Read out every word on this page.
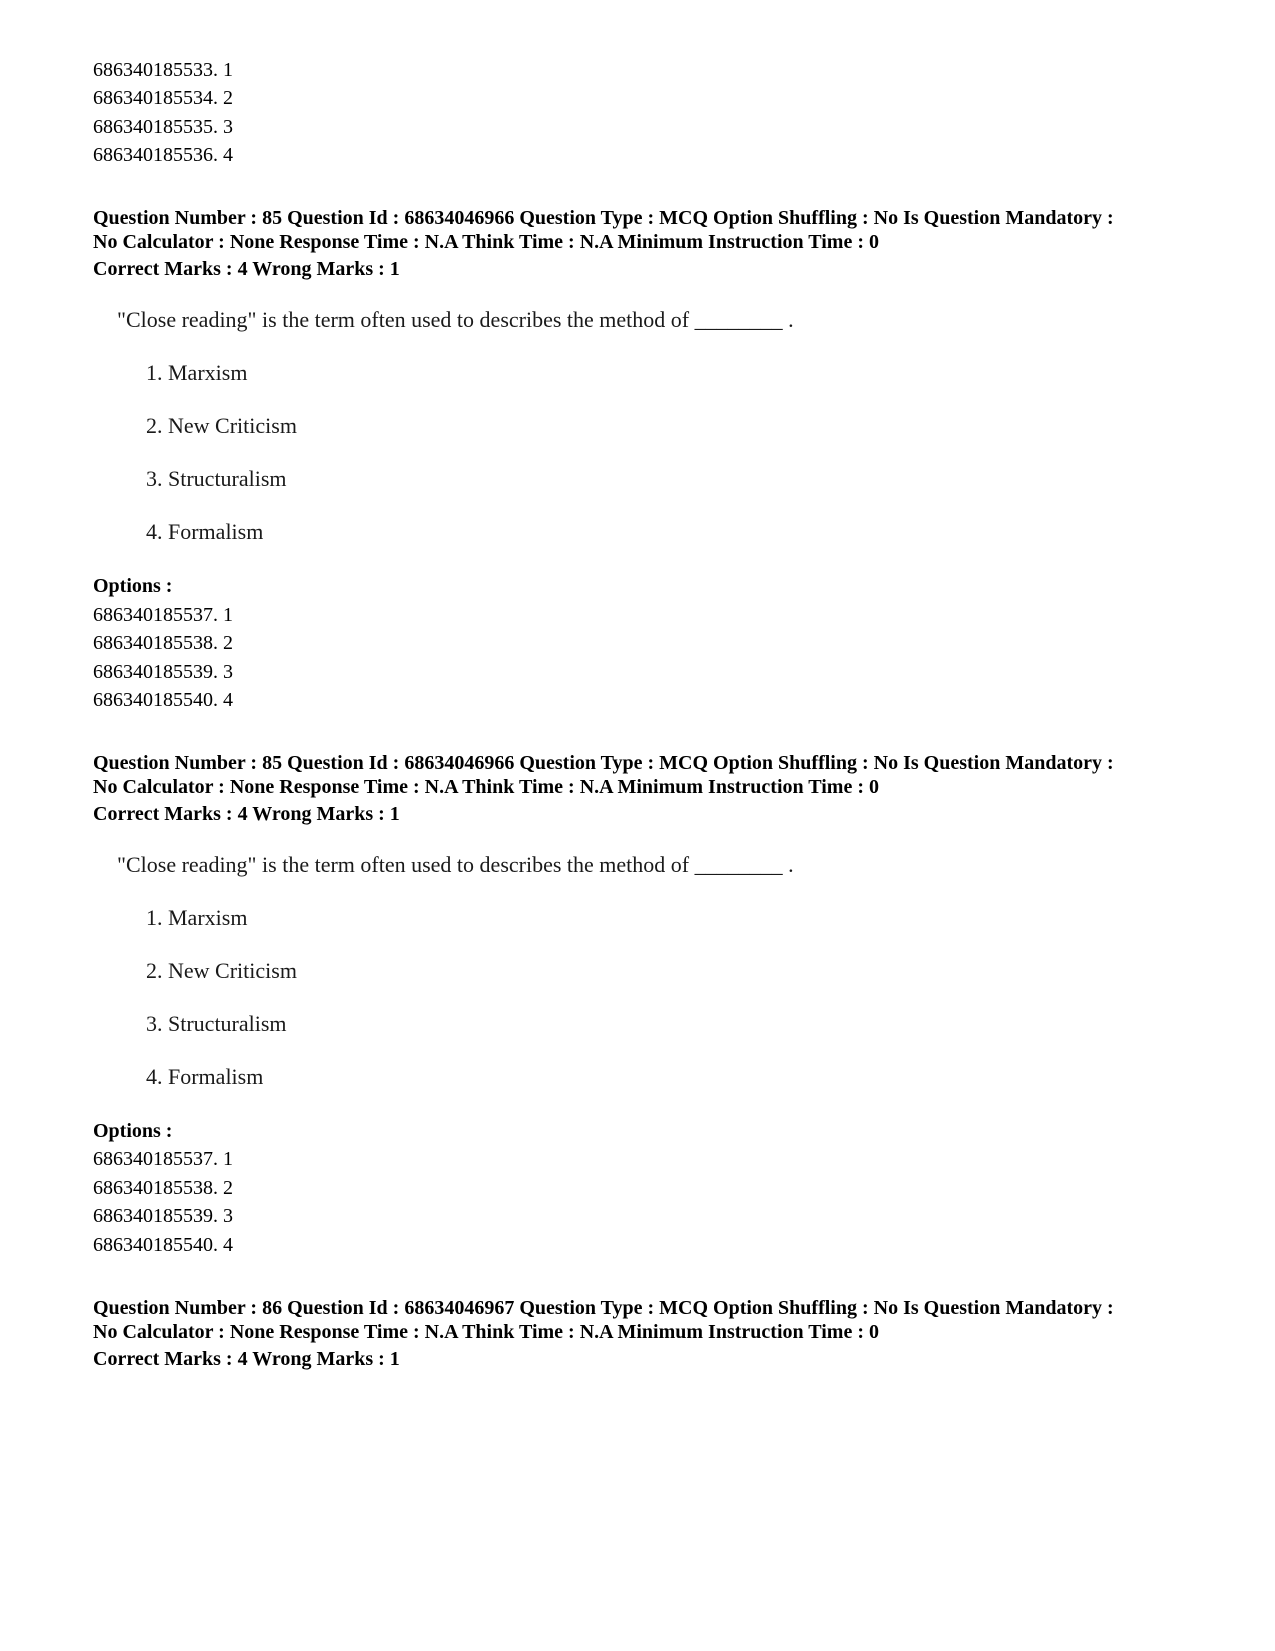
686340185533. 1
686340185534. 2
686340185535. 3
686340185536. 4
Question Number : 85 Question Id : 68634046966 Question Type : MCQ Option Shuffling : No Is Question Mandatory :
No Calculator : None Response Time : N.A Think Time : N.A Minimum Instruction Time : 0
Correct Marks : 4 Wrong Marks : 1
"Close reading" is the term often used to describes the method of ________ .
1. Marxism
2. New Criticism
3. Structuralism
4. Formalism
Options :
686340185537. 1
686340185538. 2
686340185539. 3
686340185540. 4
Question Number : 85 Question Id : 68634046966 Question Type : MCQ Option Shuffling : No Is Question Mandatory :
No Calculator : None Response Time : N.A Think Time : N.A Minimum Instruction Time : 0
Correct Marks : 4 Wrong Marks : 1
"Close reading" is the term often used to describes the method of ________ .
1. Marxism
2. New Criticism
3. Structuralism
4. Formalism
Options :
686340185537. 1
686340185538. 2
686340185539. 3
686340185540. 4
Question Number : 86 Question Id : 68634046967 Question Type : MCQ Option Shuffling : No Is Question Mandatory :
No Calculator : None Response Time : N.A Think Time : N.A Minimum Instruction Time : 0
Correct Marks : 4 Wrong Marks : 1
